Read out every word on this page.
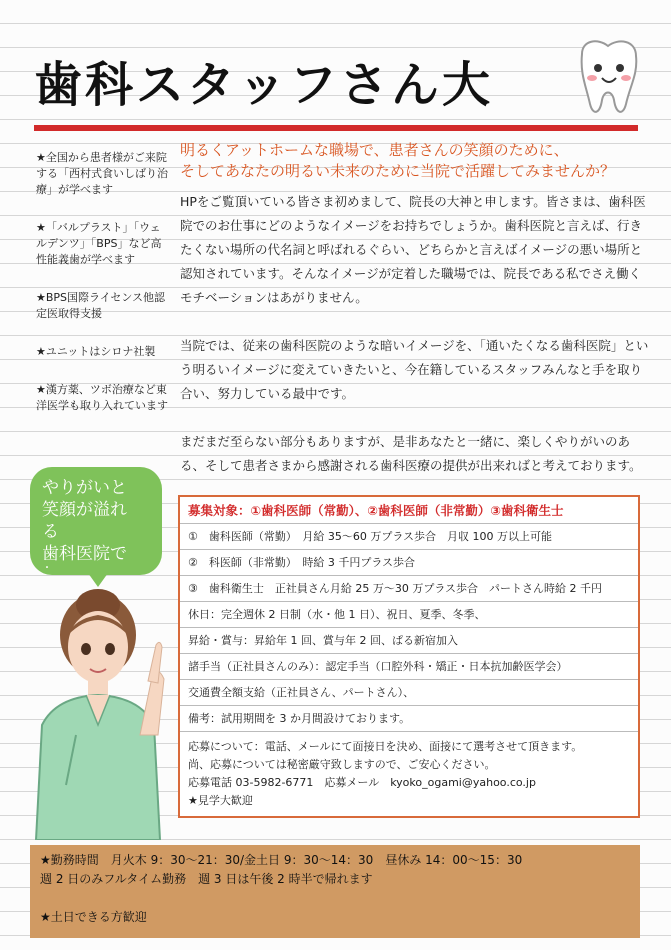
歯科スタッフさん大

★全国から患者様がご来院する「西村式食いしばり治療」が学べます

★「バルプラスト」「ウェルデンツ」「BPS」など高性能義歯が学べます

★BPS国際ライセンス他認定医取得支援

★ユニットはシロナ社製

★漢方薬、ツボ治療など東洋医学も取り入れています

明るくアットホームな職場で、患者さんの笑顔のために、
そしてあなたの明るい未来のために当院で活躍してみませんか？

HPをご覧頂いている皆さま初めまして、院長の大神と申します。皆さまは、歯科医院でのお仕事にどのようなイメージをお持ちでしょうか。歯科医院と言えば、行きたくない場所の代名詞と呼ばれるぐらい、どちらかと言えばイメージの悪い場所と認知されています。そんなイメージが定着した職場では、院長である私でさえ働くモチベーションはあがりません。

当院では、従来の歯科医院のような暗いイメージを、「通いたくなる歯科医院」という明るいイメージに変えていきたいと、今在籍しているスタッフみんなと手を取り合い、努力している最中です。

まだまだ至らない部分もありますが、是非あなたと一緒に、楽しくやりがいのある、そして患者さまから感謝される歯科医療の提供が出来ればと考えております。

やりがいと
笑顔が溢れ
る
歯科医院で
・
募集対象：①歯科医師（常勤）、②歯科医師（非常勤）③歯科衛生士
①　歯科医師（常勤）　月給 35～60 万プラス歩合　月収 100 万以上可能
②　科医師（非常勤）　時給 3 千円プラス歩合
③　歯科衛生士　正社員さん月給 25 万～30 万プラス歩合　パートさん時給 2 千円
休日：完全週休 2 日制（水・他 1 日）、祝日、夏季、冬季、
昇給・賞与：昇給年 1 回、賞与年 2 回、ぱる新宿加入
諸手当（正社員さんのみ）：認定手当（口腔外科・矯正・日本抗加齢医学会）
交通費全額支給（正社員さん、パートさん）、
備考：試用期間を 3 か月間設けております。
応募について：電話、メールにて面接日を決め、面接にて選考させて頂きます。
尚、応募については秘密厳守致しますので、ご安心ください。
応募電話 03-5982-6771　応募メール　kyoko_ogami@yahoo.co.jp
★見学大歓迎
★勤務時間　月火木 9：30～21：30/金土日 9：30～14：30　昼休み 14：00～15：30
週 2 日のみフルタイム勤務　週 3 日は午後 2 時半で帰れます

★土日できる方歓迎
